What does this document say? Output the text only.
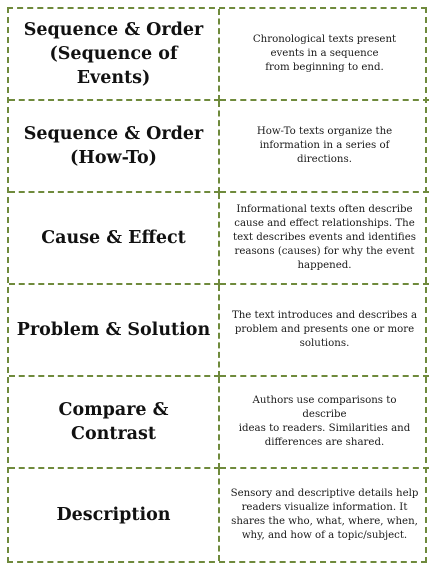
Sequence & Order
(Sequence of Events)
Chronological texts present
events in a sequence
from beginning to end.
Sequence & Order
(How-To)
How-To texts organize the
information in a series of
directions.
Cause & Effect
Informational texts often describe
cause and effect relationships. The
text describes events and identifies
reasons (causes) for why the event
happened.
Problem & Solution
The text introduces and describes a
problem and presents one or more
solutions.
Compare & Contrast
Authors use comparisons to describe
ideas to readers. Similarities and
differences are shared.
Description
Sensory and descriptive details help
readers visualize information. It
shares the who, what, where, when,
why, and how of a topic/subject.
